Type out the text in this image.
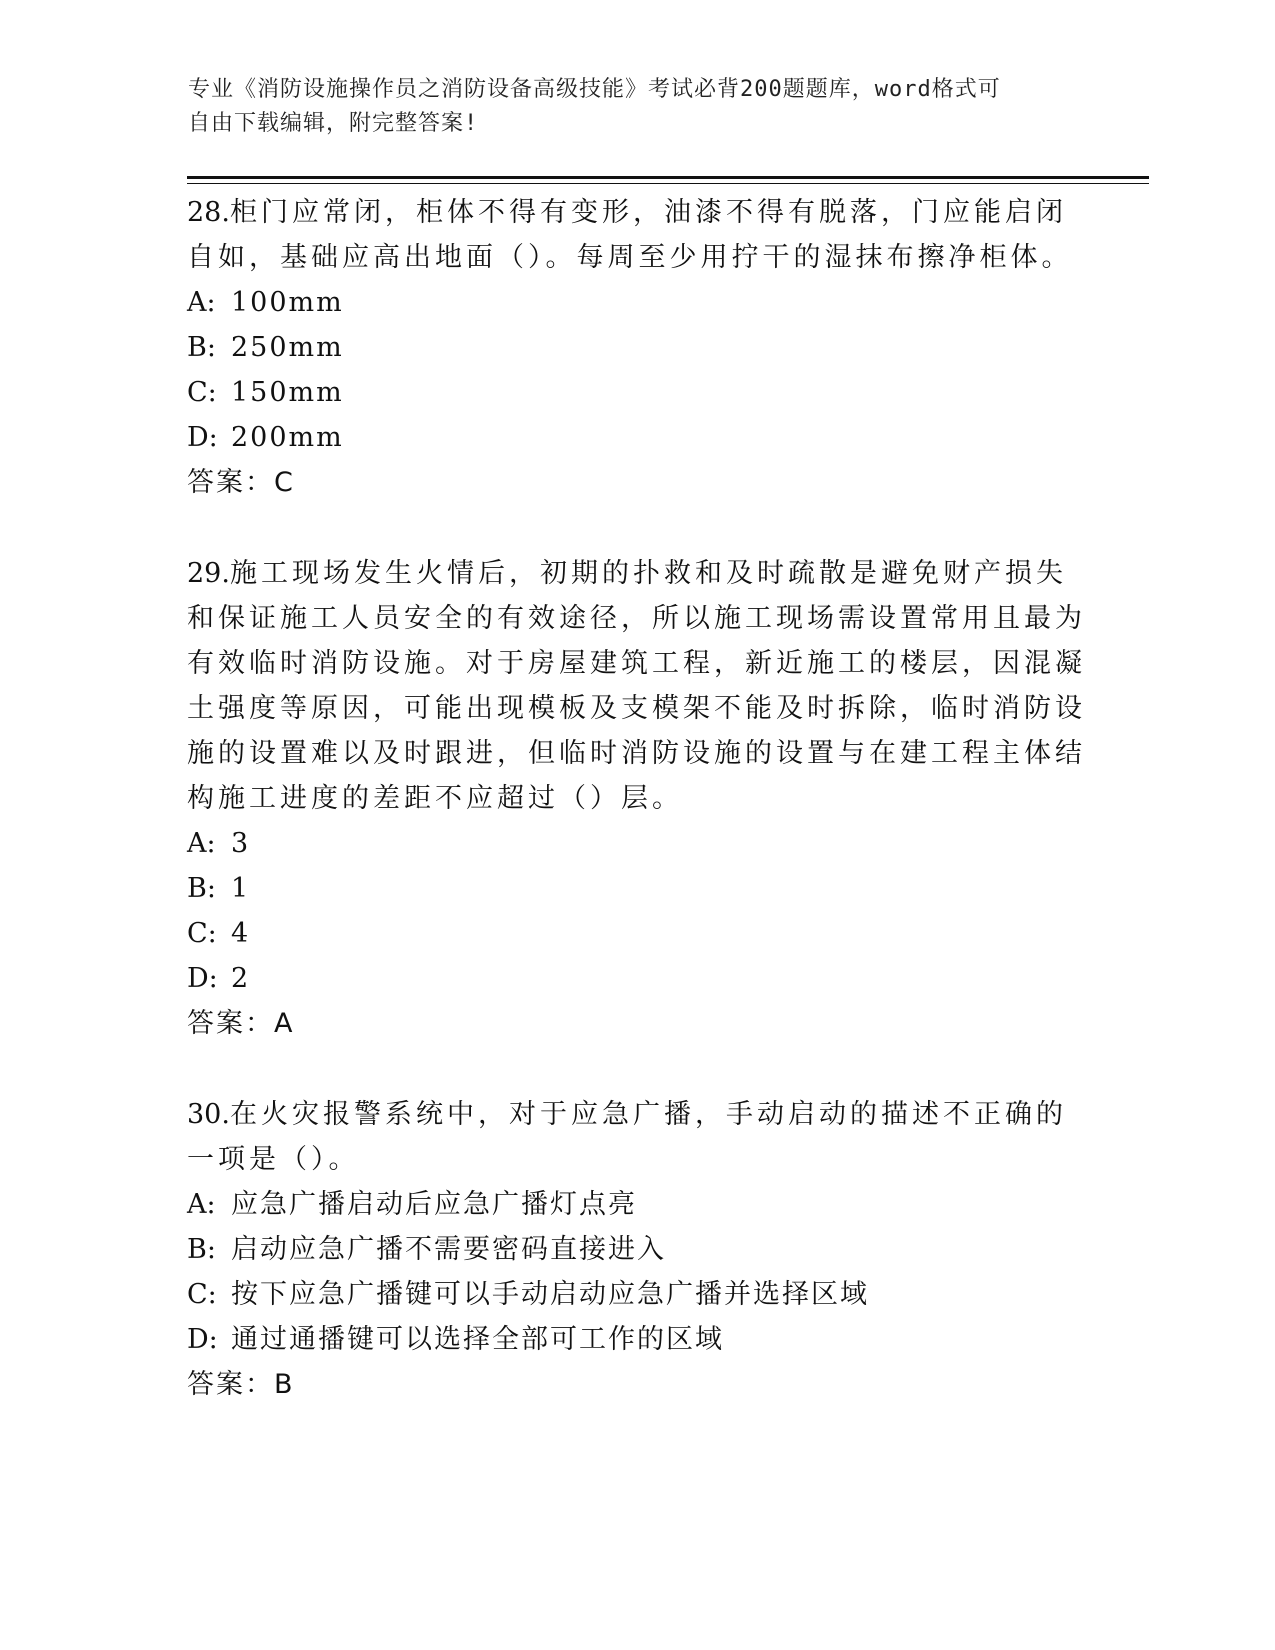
专业《消防设施操作员之消防设备高级技能》考试必背200题题库，word格式可
自由下载编辑，附完整答案!
28.柜门应常闭，柜体不得有变形，油漆不得有脱落，门应能启闭自如，基础应高出地面（）。每周至少用拧干的湿抹布擦净柜体。
A: 100mm
B: 250mm
C: 150mm
D: 200mm
答案：C
29.施工现场发生火情后，初期的扑救和及时疏散是避免财产损失和保证施工人员安全的有效途径，所以施工现场需设置常用且最为有效临时消防设施。对于房屋建筑工程，新近施工的楼层，因混凝土强度等原因，可能出现模板及支模架不能及时拆除，临时消防设施的设置难以及时跟进，但临时消防设施的设置与在建工程主体结构施工进度的差距不应超过（）层。
A: 3
B: 1
C: 4
D: 2
答案：A
30.在火灾报警系统中，对于应急广播，手动启动的描述不正确的一项是（）。
A: 应急广播启动后应急广播灯点亮
B: 启动应急广播不需要密码直接进入
C: 按下应急广播键可以手动启动应急广播并选择区域
D: 通过通播键可以选择全部可工作的区域
答案：B
